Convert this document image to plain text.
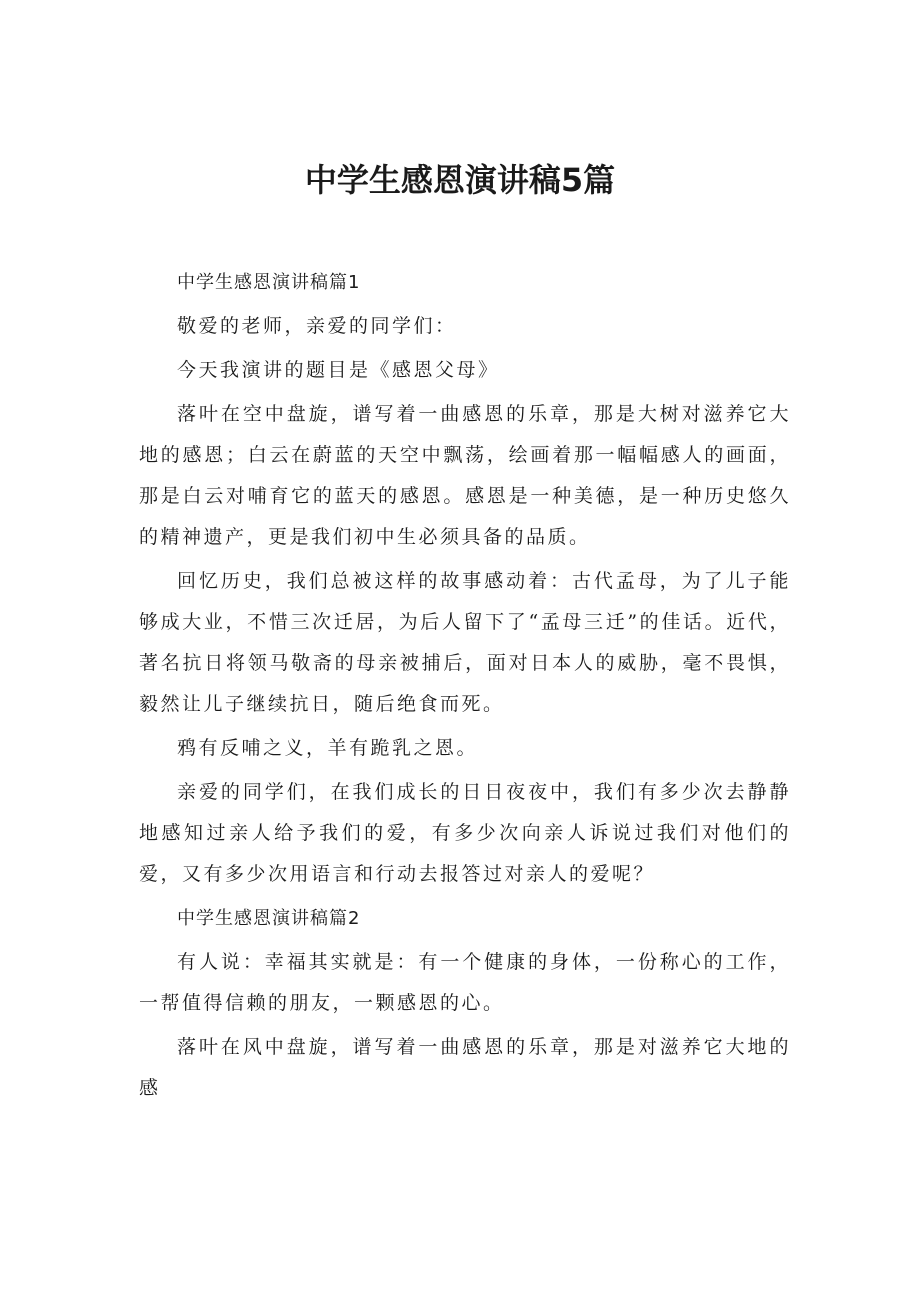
中学生感恩演讲稿5篇

中学生感恩演讲稿篇1

敬爱的老师，亲爱的同学们：

今天我演讲的题目是《感恩父母》

落叶在空中盘旋，谱写着一曲感恩的乐章，那是大树对滋养它大地的感恩；白云在蔚蓝的天空中飘荡，绘画着那一幅幅感人的画面，那是白云对哺育它的蓝天的感恩。感恩是一种美德，是一种历史悠久的精神遗产，更是我们初中生必须具备的品质。

回忆历史，我们总被这样的故事感动着：古代孟母，为了儿子能够成大业，不惜三次迁居，为后人留下了“孟母三迁”的佳话。近代，著名抗日将领马敬斋的母亲被捕后，面对日本人的威胁，毫不畏惧，毅然让儿子继续抗日，随后绝食而死。

鸦有反哺之义，羊有跪乳之恩。

亲爱的同学们，在我们成长的日日夜夜中，我们有多少次去静静地感知过亲人给予我们的爱，有多少次向亲人诉说过我们对他们的爱，又有多少次用语言和行动去报答过对亲人的爱呢？

中学生感恩演讲稿篇2

有人说：幸福其实就是：有一个健康的身体，一份称心的工作，一帮值得信赖的朋友，一颗感恩的心。

落叶在风中盘旋，谱写着一曲感恩的乐章，那是对滋养它大地的感
